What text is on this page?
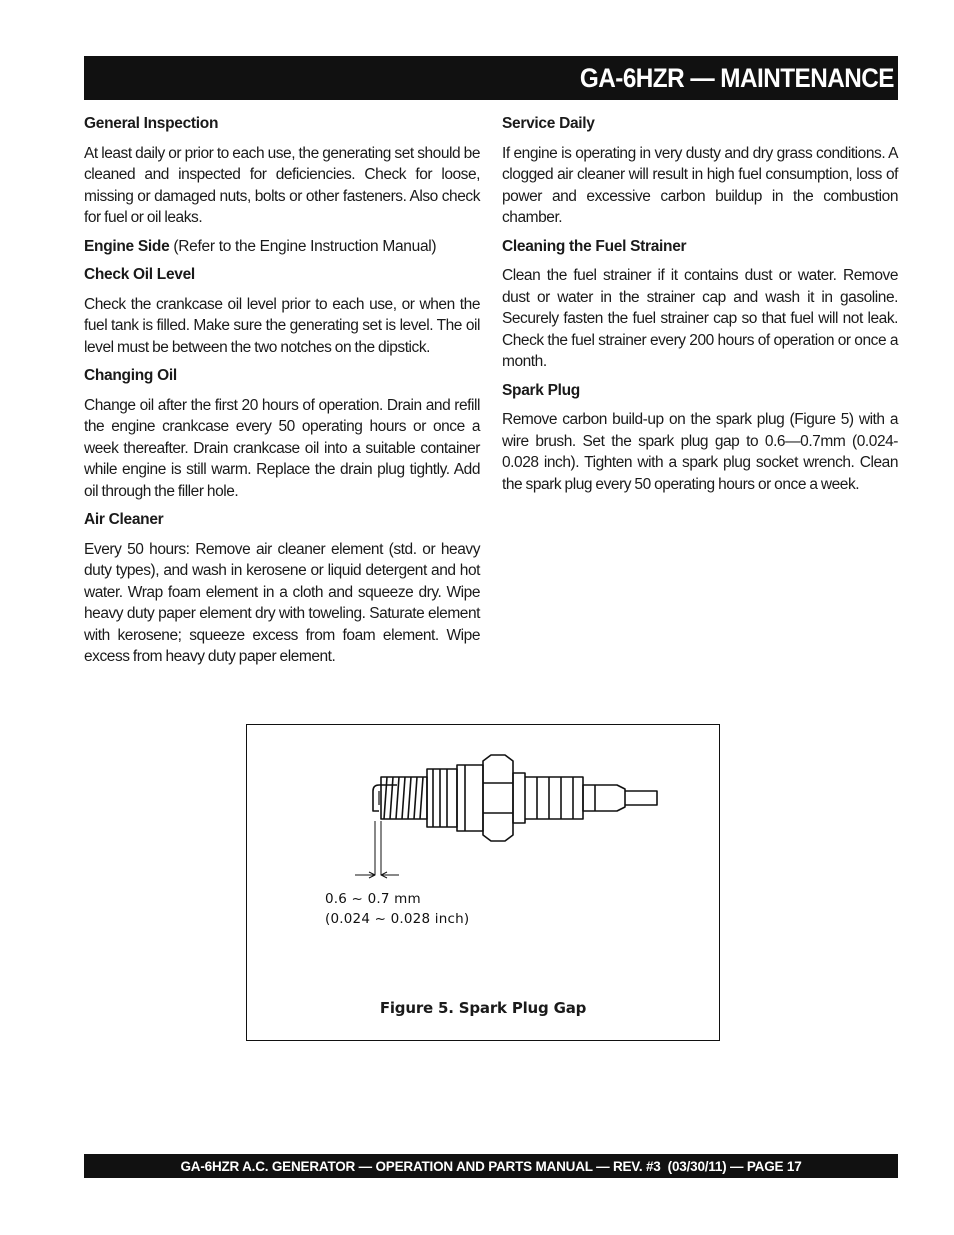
GA-6HZR — MAINTENANCE
General Inspection

At least daily or prior to each use, the generating set should be cleaned and inspected for deficiencies. Check for loose, missing or damaged nuts, bolts or other fasteners. Also check for fuel or oil leaks.

Engine Side (Refer to the Engine Instruction Manual)

Check Oil Level

Check the crankcase oil level prior to each use, or when the fuel tank is filled. Make sure the generating set is level. The oil level must be between the two notches on the dipstick.

Changing Oil

Change oil after the first 20 hours of operation. Drain and refill the engine crankcase every 50 operating hours or once a week thereafter. Drain crankcase oil into a suitable container while engine is still warm. Replace the drain plug tightly. Add oil through the filler hole.

Air Cleaner

Every 50 hours: Remove air cleaner element (std. or heavy duty types), and wash in kerosene or liquid detergent and hot water. Wrap foam element in a cloth and squeeze dry. Wipe heavy duty paper element dry with toweling. Saturate element with kerosene; squeeze excess from foam element. Wipe excess from heavy duty paper element.

Service Daily

If engine is operating in very dusty and dry grass conditions. A clogged air cleaner will result in high fuel consumption, loss of power and excessive carbon buildup in the combustion chamber.

Cleaning the Fuel Strainer

Clean the fuel strainer if it contains dust or water. Remove dust or water in the strainer cap and wash it in gasoline. Securely fasten the fuel strainer cap so that fuel will not leak. Check the fuel strainer every 200 hours of operation or once a month.

Spark Plug

Remove carbon build-up on the spark plug (Figure 5) with a wire brush. Set the spark plug gap to 0.6—0.7mm (0.024-0.028 inch). Tighten with a spark plug socket wrench. Clean the spark plug every 50 operating hours or once a week.

0.6 ~ 0.7 mm
(0.024 ~ 0.028 inch)
Figure 5. Spark Plug Gap
GA-6HZR A.C. GENERATOR — OPERATION AND PARTS MANUAL — REV. #3  (03/30/11) — PAGE 17
